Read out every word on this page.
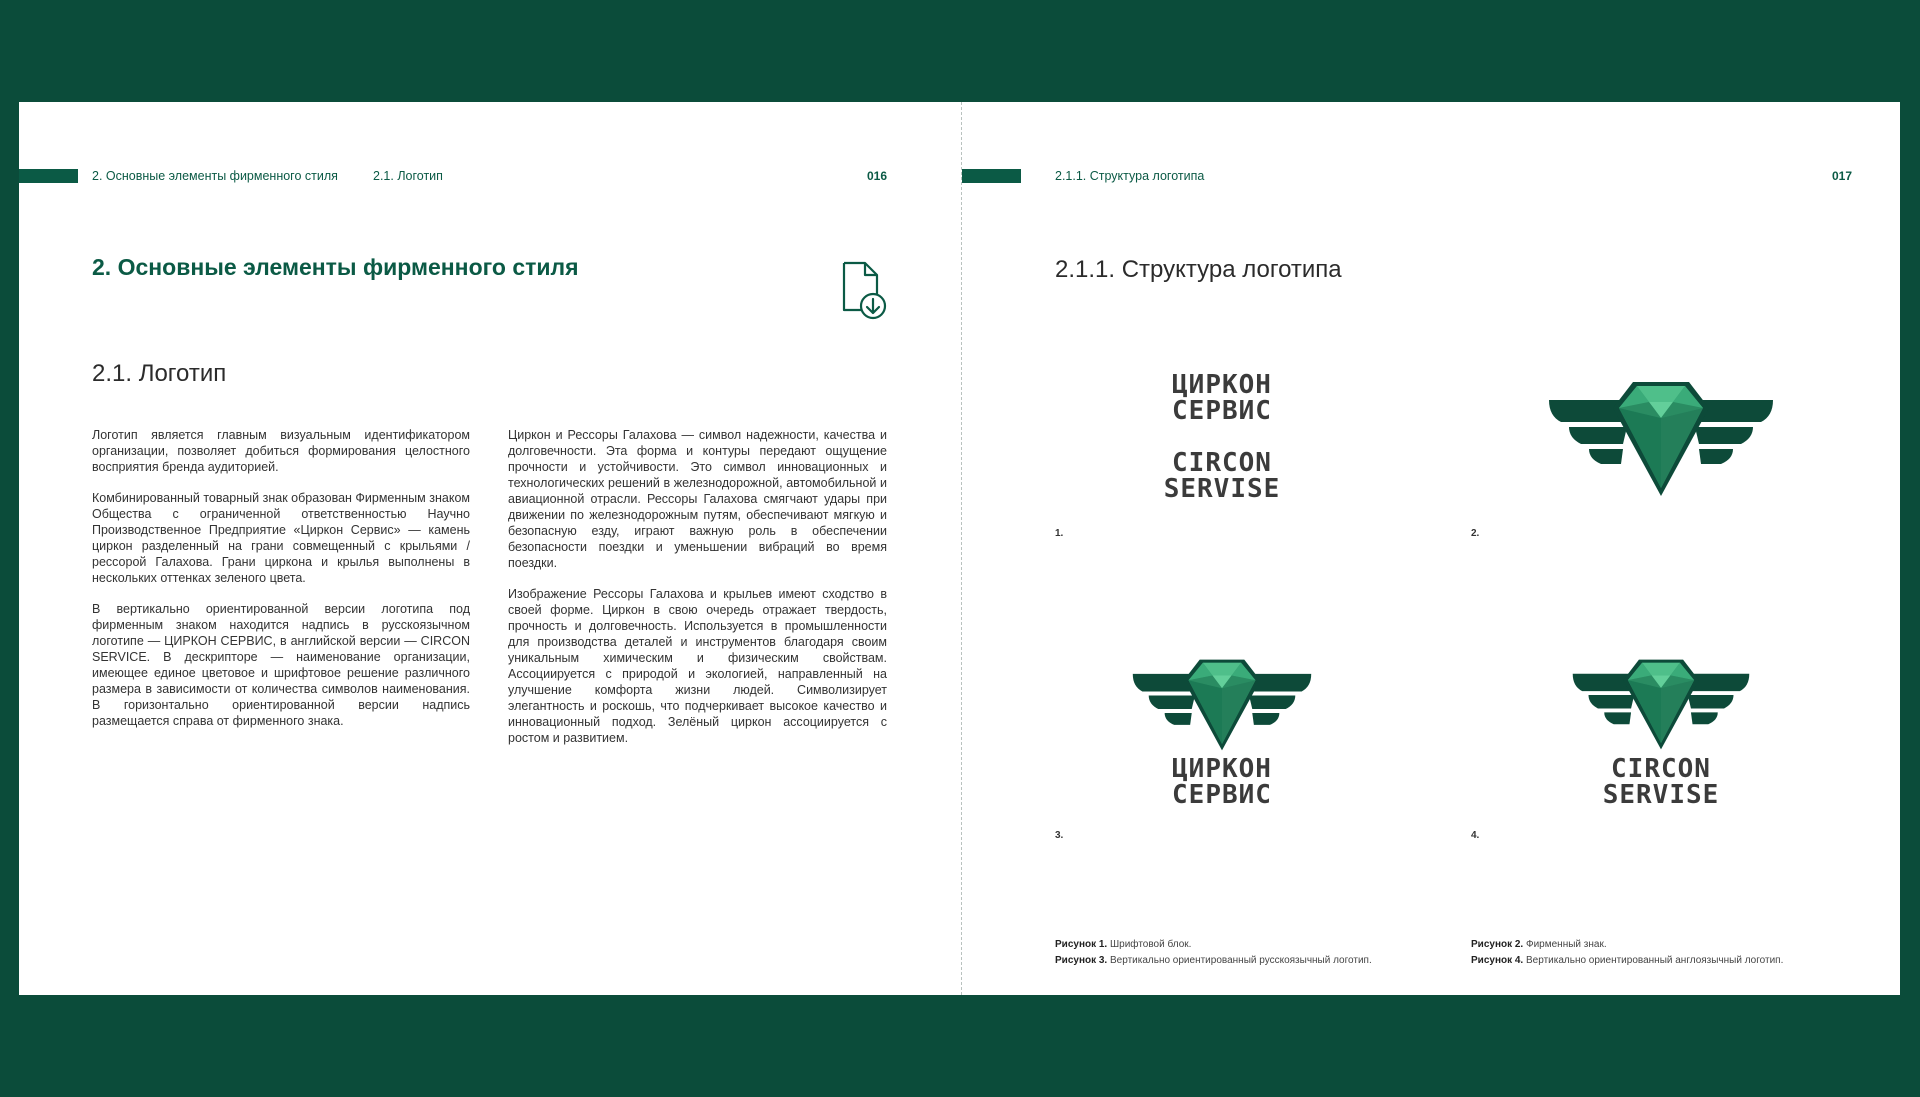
2. Основные элементы фирменного стиля	2.1. Логотип	016
2. Основные элементы фирменного стиля
2.1. Логотип

Логотип является главным визуальным идентификатором организации, позволяет добиться формирования целостного восприятия бренда аудиторией.

Комбинированный товарный знак образован Фирменным знаком Общества с ограниченной ответственностью Научно Производственное Предприятие «Циркон Сервис» — камень циркон разделенный на грани совмещенный с крыльями / рессорой Галахова. Грани циркона и крылья выполнены в нескольких оттенках зеленого цвета.

В вертикально ориентированной версии логотипа под фирменным знаком находится надпись в русскоязычном логотипе — ЦИРКОН СЕРВИС, в английской версии — CIRCON SERVICE. В дескрипторе — наименование организации, имеющее единое цветовое и шрифтовое решение различного размера в зависимости от количества символов наименования. В горизонтально ориентированной версии надпись размещается справа от фирменного знака.

Циркон и Рессоры Галахова — символ надежности, качества и долговечности. Эта форма и контуры передают ощущение прочности и устойчивости. Это символ инновационных и технологических решений в железнодорожной, автомобильной и авиационной отрасли. Рессоры Галахова смягчают удары при движении по железнодорожным путям, обеспечивают мягкую и безопасную езду, играют важную роль в обеспечении безопасности поездки и уменьшении вибраций во время поездки.

Изображение Рессоры Галахова и крыльев имеют сходство в своей форме. Циркон в свою очередь отражает твердость, прочность и долговечность. Используется в промышленности для производства деталей и инструментов благодаря своим уникальным химическим и физическим свойствам. Ассоциируется с природой и экологией, направленный на улучшение комфорта жизни людей. Символизирует элегантность и роскошь, что подчеркивает высокое качество и инновационный подход. Зелёный циркон ассоциируется с ростом и развитием.

2.1.1. Структура логотипа	017
2.1.1. Структура логотипа
ЦИРКОН
СЕРВИС
CIRCON
SERVISE
1.	2.
ЦИРКОН
СЕРВИС
3.
CIRCON
SERVISE
4.
Рисунок 1. Шрифтовой блок.
Рисунок 3. Вертикально ориентированный русскоязычный логотип.
Рисунок 2. Фирменный знак.
Рисунок 4. Вертикально ориентированный англоязычный логотип.
